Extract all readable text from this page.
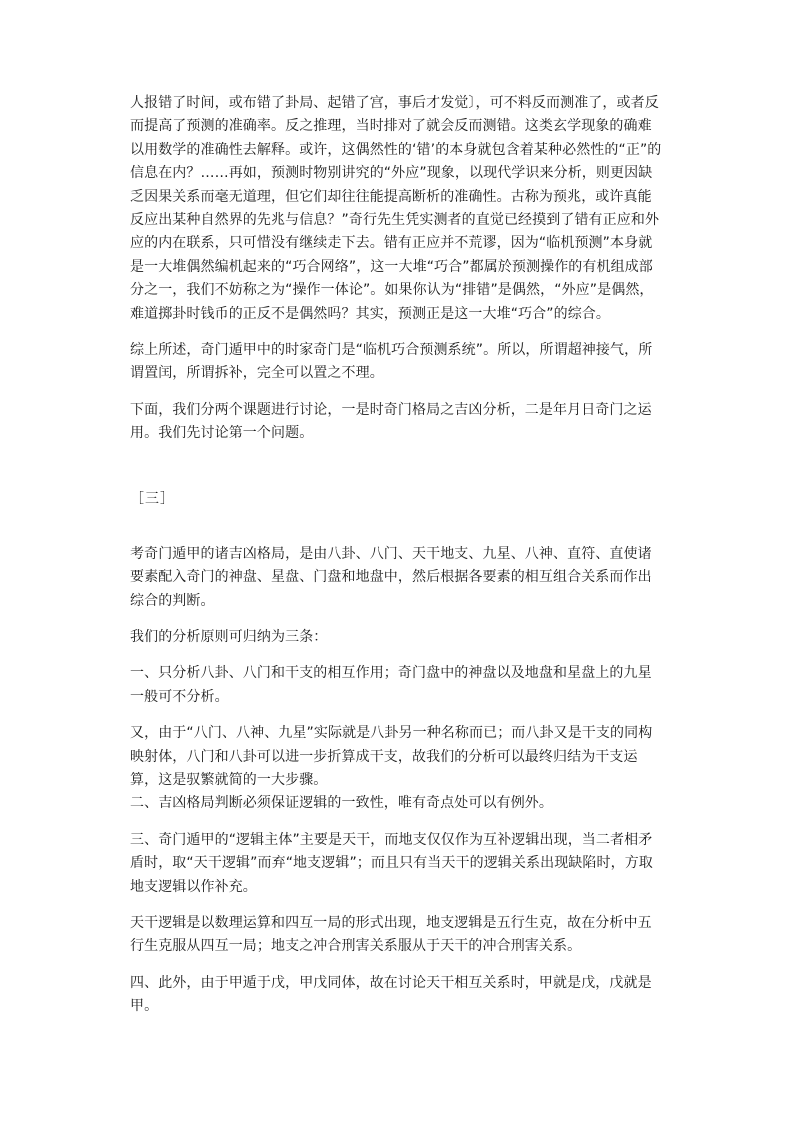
人报错了时间，或布错了卦局、起错了宫，事后才发觉〕，可不料反而测准了，或者反而提高了预测的准确率。反之推理，当时排对了就会反而测错。这类玄学现象的确难以用数学的准确性去解释。或许，这偶然性的‘错’的本身就包含着某种必然性的“正”的信息在内？……再如，预测时物别讲究的“外应”现象，以现代学识来分析，则更因缺乏因果关系而毫无道理，但它们却往往能提高断析的准确性。古称为预兆，或许真能反应出某种自然界的先兆与信息？”奇行先生凭实测者的直觉已经摸到了错有正应和外应的内在联系，只可惜没有继续走下去。错有正应并不荒谬，因为“临机预测”本身就是一大堆偶然编机起来的“巧合网络”，这一大堆“巧合”都属於预测操作的有机组成部分之一，我们不妨称之为“操作一体论”。如果你认为“排错”是偶然，“外应”是偶然，难道掷卦时钱币的正反不是偶然吗？其实，预测正是这一大堆“巧合”的综合。

综上所述，奇门遁甲中的时家奇门是“临机巧合预测系统”。所以，所谓超神接气，所谓置闰，所谓拆补，完全可以置之不理。

下面，我们分两个课题进行讨论，一是时奇门格局之吉凶分析，二是年月日奇门之运用。我们先讨论第一个问题。

［三］

考奇门遁甲的诸吉凶格局，是由八卦、八门、天干地支、九星、八神、直符、直使诸要素配入奇门的神盘、星盘、门盘和地盘中，然后根据各要素的相互组合关系而作出综合的判断。

我们的分析原则可归纳为三条：

一、只分析八卦、八门和干支的相互作用；奇门盘中的神盘以及地盘和星盘上的九星一般可不分析。

又，由于“八门、八神、九星”实际就是八卦另一种名称而已；而八卦又是干支的同构映射体，八门和八卦可以进一步折算成干支，故我们的分析可以最终归结为干支运算，这是驭繁就简的一大步骤。

二、吉凶格局判断必须保证逻辑的一致性，唯有奇点处可以有例外。

三、奇门遁甲的“逻辑主体”主要是天干，而地支仅仅作为互补逻辑出现，当二者相矛盾时，取“天干逻辑”而弃“地支逻辑”；而且只有当天干的逻辑关系出现缺陷时，方取地支逻辑以作补充。

天干逻辑是以数理运算和四互一局的形式出现，地支逻辑是五行生克，故在分析中五行生克服从四互一局；地支之冲合刑害关系服从于天干的冲合刑害关系。

四、此外，由于甲遁于戊，甲戊同体，故在讨论天干相互关系时，甲就是戊，戊就是甲。
